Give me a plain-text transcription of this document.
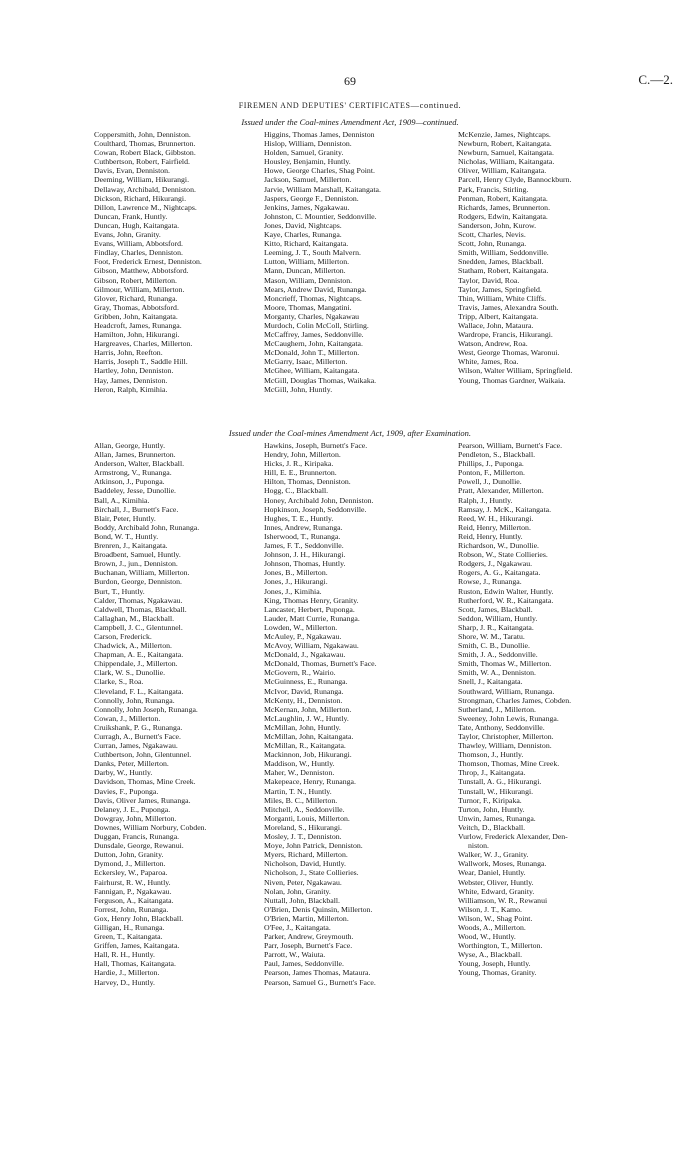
69	C.—2.
FIREMEN AND DEPUTIES' CERTIFICATES—continued.
Issued under the Coal-mines Amendment Act, 1909—continued.
Coppersmith, John, Denniston.
Coulthard, Thomas, Brunnerton.
Cowan, Robert Black, Gibbston.
Cuthbertson, Robert, Fairfield.
Davis, Evan, Denniston.
Deeming, William, Hikurangi.
Dellaway, Archibald, Denniston.
Dickson, Richard, Hikurangi.
Dillon, Lawrence M., Nightcaps.
Duncan, Frank, Huntly.
Duncan, Hugh, Kaitangata.
Evans, John, Granity.
Evans, William, Abbotsford.
Findlay, Charles, Denniston.
Foot, Frederick Ernest, Denniston.
Gibson, Matthew, Abbotsford.
Gibson, Robert, Millerton.
Gilmour, William, Millerton.
Glover, Richard, Runanga.
Gray, Thomas, Abbotsford.
Gribben, John, Kaitangata.
Headcroft, James, Runanga.
Hamilton, John, Hikurangi.
Hargreaves, Charles, Millerton.
Harris, John, Reefton.
Harris, Joseph T., Saddle Hill.
Hartley, John, Denniston.
Hay, James, Denniston.
Heron, Ralph, Kimihia.
Higgins, Thomas James, Denniston
Hislop, William, Denniston.
Holden, Samuel, Granity.
Housley, Benjamin, Huntly.
Howe, George Charles, Shag Point.
Jackson, Samuel, Millerton.
Jarvie, William Marshall, Kaitangata.
Jaspers, George F., Denniston.
Jenkins, James, Ngakawau.
Johnston, C. Mountier, Seddonville.
Jones, David, Nightcaps.
Kaye, Charles, Runanga.
Kitto, Richard, Kaitangata.
Leeming, J. T., South Malvern.
Lutton, William, Millerton.
Mann, Duncan, Millerton.
Mason, William, Denniston.
Mears, Andrew David, Runanga.
Moncrieff, Thomas, Nightcaps.
Moore, Thomas, Mangatini.
Morganty, Charles, Ngakawau
Murdoch, Colin McColl, Stirling.
McCaffrey, James, Seddonville.
McCaughern, John, Kaitangata.
McDonald, John T., Millerton.
McGarry, Isaac, Millerton.
McGhee, William, Kaitangata.
McGill, Douglas Thomas, Waikaka.
McGill, John, Huntly.
McKenzie, James, Nightcaps.
Newburn, Robert, Kaitangata.
Newburn, Samuel, Kaitangata.
Nicholas, William, Kaitangata.
Oliver, William, Kaitangata.
Parcell, Henry Clyde, Bannockburn.
Park, Francis, Stirling.
Penman, Robert, Kaitangata.
Richards, James, Brunnerton.
Rodgers, Edwin, Kaitangata.
Sanderson, John, Kurow.
Scott, Charles, Nevis.
Scott, John, Runanga.
Smith, William, Seddonville.
Snedden, James, Blackball.
Statham, Robert, Kaitangata.
Taylor, David, Roa.
Taylor, James, Springfield.
Thin, William, White Cliffs.
Travis, James, Alexandra South.
Tripp, Albert, Kaitangata.
Wallace, John, Mataura.
Wardrope, Francis, Hikurangi.
Watson, Andrew, Roa.
West, George Thomas, Waronui.
White, James, Roa.
Wilson, Walter William, Springfield.
Young, Thomas Gardner, Waikaia.
Issued under the Coal-mines Amendment Act, 1909, after Examination.
Allan, George, Huntly.
Allan, James, Brunnerton.
Anderson, Walter, Blackball.
Armstrong, V., Runanga.
Atkinson, J., Puponga.
Baddeley, Jesse, Dunollie.
Ball, A., Kimihia.
Birchall, J., Burnett's Face.
Blair, Peter, Huntly.
Boddy, Archibald John, Runanga.
Bond, W. T., Huntly.
Brenren, J., Kaitangata.
Broadbent, Samuel, Huntly.
Brown, J., jun., Denniston.
Buchanan, William, Millerton.
Burdon, George, Denniston.
Burt, T., Huntly.
Calder, Thomas, Ngakawau.
Caldwell, Thomas, Blackball.
Callaghan, M., Blackball.
Campbell, J. C., Glentunnel.
Carson, Frederick.
Chadwick, A., Millerton.
Chapman, A. E., Kaitangata.
Chippendale, J., Millerton.
Clark, W. S., Dunollie.
Clarke, S., Roa.
Cleveland, F. L., Kaitangata.
Connolly, John, Runanga.
Connolly, John Joseph, Runanga.
Cowan, J., Millerton.
Cruikshank, P. G., Runanga.
Curragh, A., Burnett's Face.
Curran, James, Ngakawau.
Cuthbertson, John, Glentunnel.
Danks, Peter, Millerton.
Darby, W., Huntly.
Davidson, Thomas, Mine Creek.
Davies, F., Puponga.
Davis, Oliver James, Runanga.
Delaney, J. E., Puponga.
Dowgray, John, Millerton.
Downes, William Norbury, Cobden.
Duggan, Francis, Runanga.
Dunsdale, George, Rewanui.
Dutton, John, Granity.
Dymond, J., Millerton.
Eckersley, W., Paparoa.
Fairhurst, R. W., Huntly.
Fannigan, P., Ngakawau.
Ferguson, A., Kaitangata.
Forrest, John, Runanga.
Gox, Henry John, Blackball.
Gilligan, H., Runanga.
Green, T., Kaitangata.
Griffen, James, Kaitangata.
Hall, R. H., Huntly.
Hall, Thomas, Kaitangata.
Hardie, J., Millerton.
Harvey, D., Huntly.
Hawkins, Joseph, Burnett's Face.
Hendry, John, Millerton.
Hicks, J. R., Kiripaka.
Hill, E. E., Brunnerton.
Hilton, Thomas, Denniston.
Hogg, C., Blackball.
Honey, Archibald John, Denniston.
Hopkinson, Joseph, Seddonville.
Hughes, T. E., Huntly.
Innes, Andrew, Runanga.
Isherwood, T., Runanga.
James, F. T., Seddonville.
Johnson, J. H., Hikurangi.
Johnson, Thomas, Huntly.
Jones, B., Millerton.
Jones, J., Hikurangi.
Jones, J., Kimihia.
King, Thomas Henry, Granity.
Lancaster, Herbert, Puponga.
Lauder, Matt Currie, Runanga.
Lowden, W., Millerton.
McAuley, P., Ngakawau.
McAvoy, William, Ngakawau.
McDonald, J., Ngakawau.
McDonald, Thomas, Burnett's Face.
McGovern, R., Wairio.
McGuinness, E., Runanga.
McIvor, David, Runanga.
McKenty, H., Denniston.
McKernan, John, Millerton.
McLaughlin, J. W., Huntly.
McMillan, John, Huntly.
McMillan, John, Kaitangata.
McMillan, R., Kaitangata.
Mackinnon, Job, Hikurangi.
Maddison, W., Huntly.
Maher, W., Denniston.
Makepeace, Henry, Runanga.
Martin, T. N., Huntly.
Miles, B. C., Millerton.
Mitchell, A., Seddonville.
Morganti, Louis, Millerton.
Moreland, S., Hikurangi.
Mosley, J. T., Denniston.
Moye, John Patrick, Denniston.
Myers, Richard, Millerton.
Nicholson, David, Huntly.
Nicholson, J., State Collieries.
Niven, Peter, Ngakawau.
Nolan, John, Granity.
Nuttall, John, Blackball.
O'Brien, Denis Quinsin, Millerton.
O'Brien, Martin, Millerton.
O'Fee, J., Kaitangata.
Parker, Andrew, Greymouth.
Parr, Joseph, Burnett's Face.
Parrott, W., Waiuta.
Paul, James, Seddonville.
Pearson, James Thomas, Mataura.
Pearson, Samuel G., Burnett's Face.
Pearson, William, Burnett's Face.
Pendleton, S., Blackball.
Phillips, J., Puponga.
Ponton, F., Millerton.
Powell, J., Dunollie.
Pratt, Alexander, Millerton.
Ralph, J., Huntly.
Ramsay, J. McK., Kaitangata.
Reed, W. H., Hikurangi.
Reid, Henry, Millerton.
Reid, Henry, Huntly.
Richardson, W., Dunollie.
Robson, W., State Collieries.
Rodgers, J., Ngakawau.
Rogers, A. G., Kaitangata.
Rowse, J., Runanga.
Ruston, Edwin Walter, Huntly.
Rutherford, W. R., Kaitangata.
Scott, James, Blackball.
Seddon, William, Huntly.
Sharp, J. R., Kaitangata.
Shore, W. M., Taratu.
Smith, C. B., Dunollie.
Smith, J. A., Seddonville.
Smith, Thomas W., Millerton.
Smith, W. A., Denniston.
Snell, J., Kaitangata.
Southward, William, Runanga.
Strongman, Charles James, Cobden.
Sutherland, J., Millerton.
Sweeney, John Lewis, Runanga.
Tate, Anthony, Seddonville.
Taylor, Christopher, Millerton.
Thawley, William, Denniston.
Thomson, J., Huntly.
Thomson, Thomas, Mine Creek.
Throp, J., Kaitangata.
Tunstall, A. G., Hikurangi.
Tunstall, W., Hikurangi.
Turnor, F., Kiripaka.
Turton, John, Huntly.
Unwin, James, Runanga.
Veitch, D., Blackball.
Vurlow, Frederick Alexander, Den-
niston.
Walker, W. J., Granity.
Wallwork, Moses, Runanga.
Wear, Daniel, Huntly.
Webster, Oliver, Huntly.
White, Edward, Granity.
Williamson, W. R., Rewanui
Wilson, J. T., Kamo.
Wilson, W., Shag Point.
Woods, A., Millerton.
Wood, W., Huntly.
Worthington, T., Millerton.
Wyse, A., Blackball.
Young, Joseph, Huntly.
Young, Thomas, Granity.
